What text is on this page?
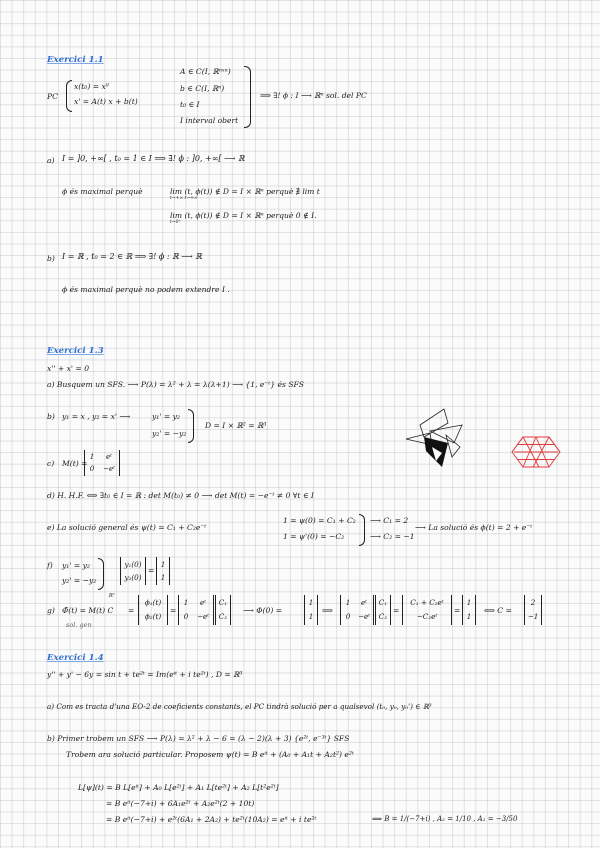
Exercici 1.1
PC
x(t₀) = x⁰
x' = A(t) x + b(t)
A ∈ C(I, ℝⁿˣⁿ)
b ∈ C(I, ℝⁿ)
t₀ ∈ I
I interval obert
⟹ ∃! ϕ : I ⟶ ℝⁿ sol. del PC
a) I = ]0, +∞[ , t₀ = 1 ∈ I ⟹ ∃! ϕ : ]0, +∞[ ⟶ ℝ
ϕ és maximal perquè	lim (t, ϕ(t)) ∉ D = I × ℝⁿ perquè ∄ lim t
t→+∞ t→+∞
lim (t, ϕ(t)) ∉ D = I × ℝⁿ perquè 0 ∉ I.
t→0⁺
b) I = ℝ , t₀ = 2 ∈ ℝ ⟹ ∃! ϕ : ℝ ⟶ ℝ
ϕ és maximal perquè no podem extendre I .
Exercici 1.3
x'' + x' = 0
a) Busquem un SFS. ⟶ P(λ) = λ² + λ = λ(λ+1) ⟶ {1, e⁻ᵗ} és SFS
b) y₁ = x , y₂ = x' ⟶	y₁' = y₂
y₂' = −y₂
D = I × ℝ² = ℝ³
c) M(t) =
1	eᵗ
0	−eᵗ
d) H. H.F. ⟺ ∃t₀ ∈ I = ℝ : det M(t₀) ≠ 0 ⟶ det M(t) = −e⁻ᵗ ≠ 0 ∀t ∈ I
e) La solució general és ψ(t) = C₁ + C₂e⁻ᵗ
1 = ψ(0) = C₁ + C₂
1 = ψ'(0) = −C₂
⟶ C₁ = 2
⟶ C₂ = −1
⟶ La solució és ϕ(t) = 2 + e⁻ᵗ
f) y₁' = y₂
y₂' = −y₂
y₁(0)
y₂(0)
=
1
1
g) Φ̃(t) = M(t) C
ℝ²
sol. gen
=
ϕ₁(t)
ϕ₂(t)
=
1	eᵗ
0	−eᵗ
C₁
C₂
⟶ Φ(0) =
1
1
⟹
1	eᵗ
0	−eᵗ
C₁
C₂
=
C₁ + C₂eᵗ
−C₂eᵗ
=
1
1
⟺ C =
2
−1
Exercici 1.4
y'' + y' − 6y = sin t + te²ᵗ = Im(eⁱᵗ + i te²ᵗ) , D = ℝ³
a) Com es tracta d'una EO-2 de coeficients constants, el PC tindrà solució per a qualsevol (t₀, y₀, y₀') ∈ ℝ³
b) Primer trobem un SFS ⟶ P(λ) = λ² + λ − 6 = (λ − 2)(λ + 3) {e²ᵗ, e⁻³ᵗ} SFS
Trobem ara solució particular. Proposem ψ(t) = B eⁱᵗ + (A₀ + A₁t + A₂t²) e²ᵗ
L[ψ](t) = B L[eⁱᵗ] + A₀ L[e²ᵗ] + A₁ L[te²ᵗ] + A₂ L[t²e²ᵗ]
= B eⁱᵗ(−7+i) + 6A₁e²ᵗ + A₂e²ᵗ(2 + 10t)
= B eⁱᵗ(−7+i) + e²ᵗ(6A₁ + 2A₂) + te²ᵗ(10A₂) = eⁱᵗ + i te²ᵗ	⟹ B = 1/(−7+i) , A₂ = 1/10 , A₁ = −3/50
